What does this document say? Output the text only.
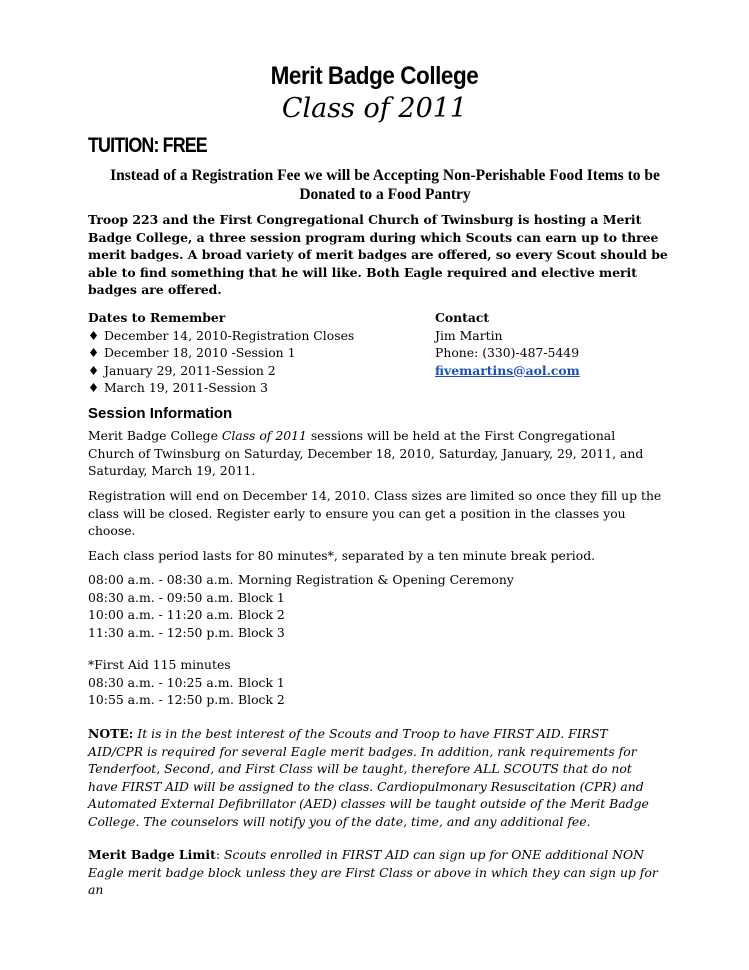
Merit Badge College
Class of 2011
TUITION: FREE
Instead of a Registration Fee we will be Accepting Non-Perishable Food Items to be Donated to a Food Pantry
Troop 223 and the First Congregational Church of Twinsburg is hosting a Merit Badge College, a three session program during which Scouts can earn up to three merit badges. A broad variety of merit badges are offered, so every Scout should be able to find something that he will like. Both Eagle required and elective merit badges are offered.
Dates to Remember
♦ December 14, 2010-Registration Closes
♦ December 18, 2010 -Session 1
♦ January 29, 2011-Session 2
♦ March 19, 2011-Session 3
Contact
Jim Martin
Phone: (330)-487-5449
fivemartins@aol.com
Session Information
Merit Badge College Class of 2011 sessions will be held at the First Congregational Church of Twinsburg on Saturday, December 18, 2010, Saturday, January, 29, 2011, and Saturday, March 19, 2011.
Registration will end on December 14, 2010. Class sizes are limited so once they fill up the class will be closed. Register early to ensure you can get a position in the classes you choose.
Each class period lasts for 80 minutes*, separated by a ten minute break period.
08:00 a.m. - 08:30 a.m. Morning Registration & Opening Ceremony
08:30 a.m. - 09:50 a.m. Block 1
10:00 a.m. - 11:20 a.m. Block 2
11:30 a.m. - 12:50 p.m. Block 3
*First Aid 115 minutes
08:30 a.m. - 10:25 a.m. Block 1
10:55 a.m. - 12:50 p.m. Block 2
NOTE: It is in the best interest of the Scouts and Troop to have FIRST AID. FIRST AID/CPR is required for several Eagle merit badges. In addition, rank requirements for Tenderfoot, Second, and First Class will be taught, therefore ALL SCOUTS that do not have FIRST AID will be assigned to the class. Cardiopulmonary Resuscitation (CPR) and Automated External Defibrillator (AED) classes will be taught outside of the Merit Badge College. The counselors will notify you of the date, time, and any additional fee.
Merit Badge Limit: Scouts enrolled in FIRST AID can sign up for ONE additional NON Eagle merit badge block unless they are First Class or above in which they can sign up for an
